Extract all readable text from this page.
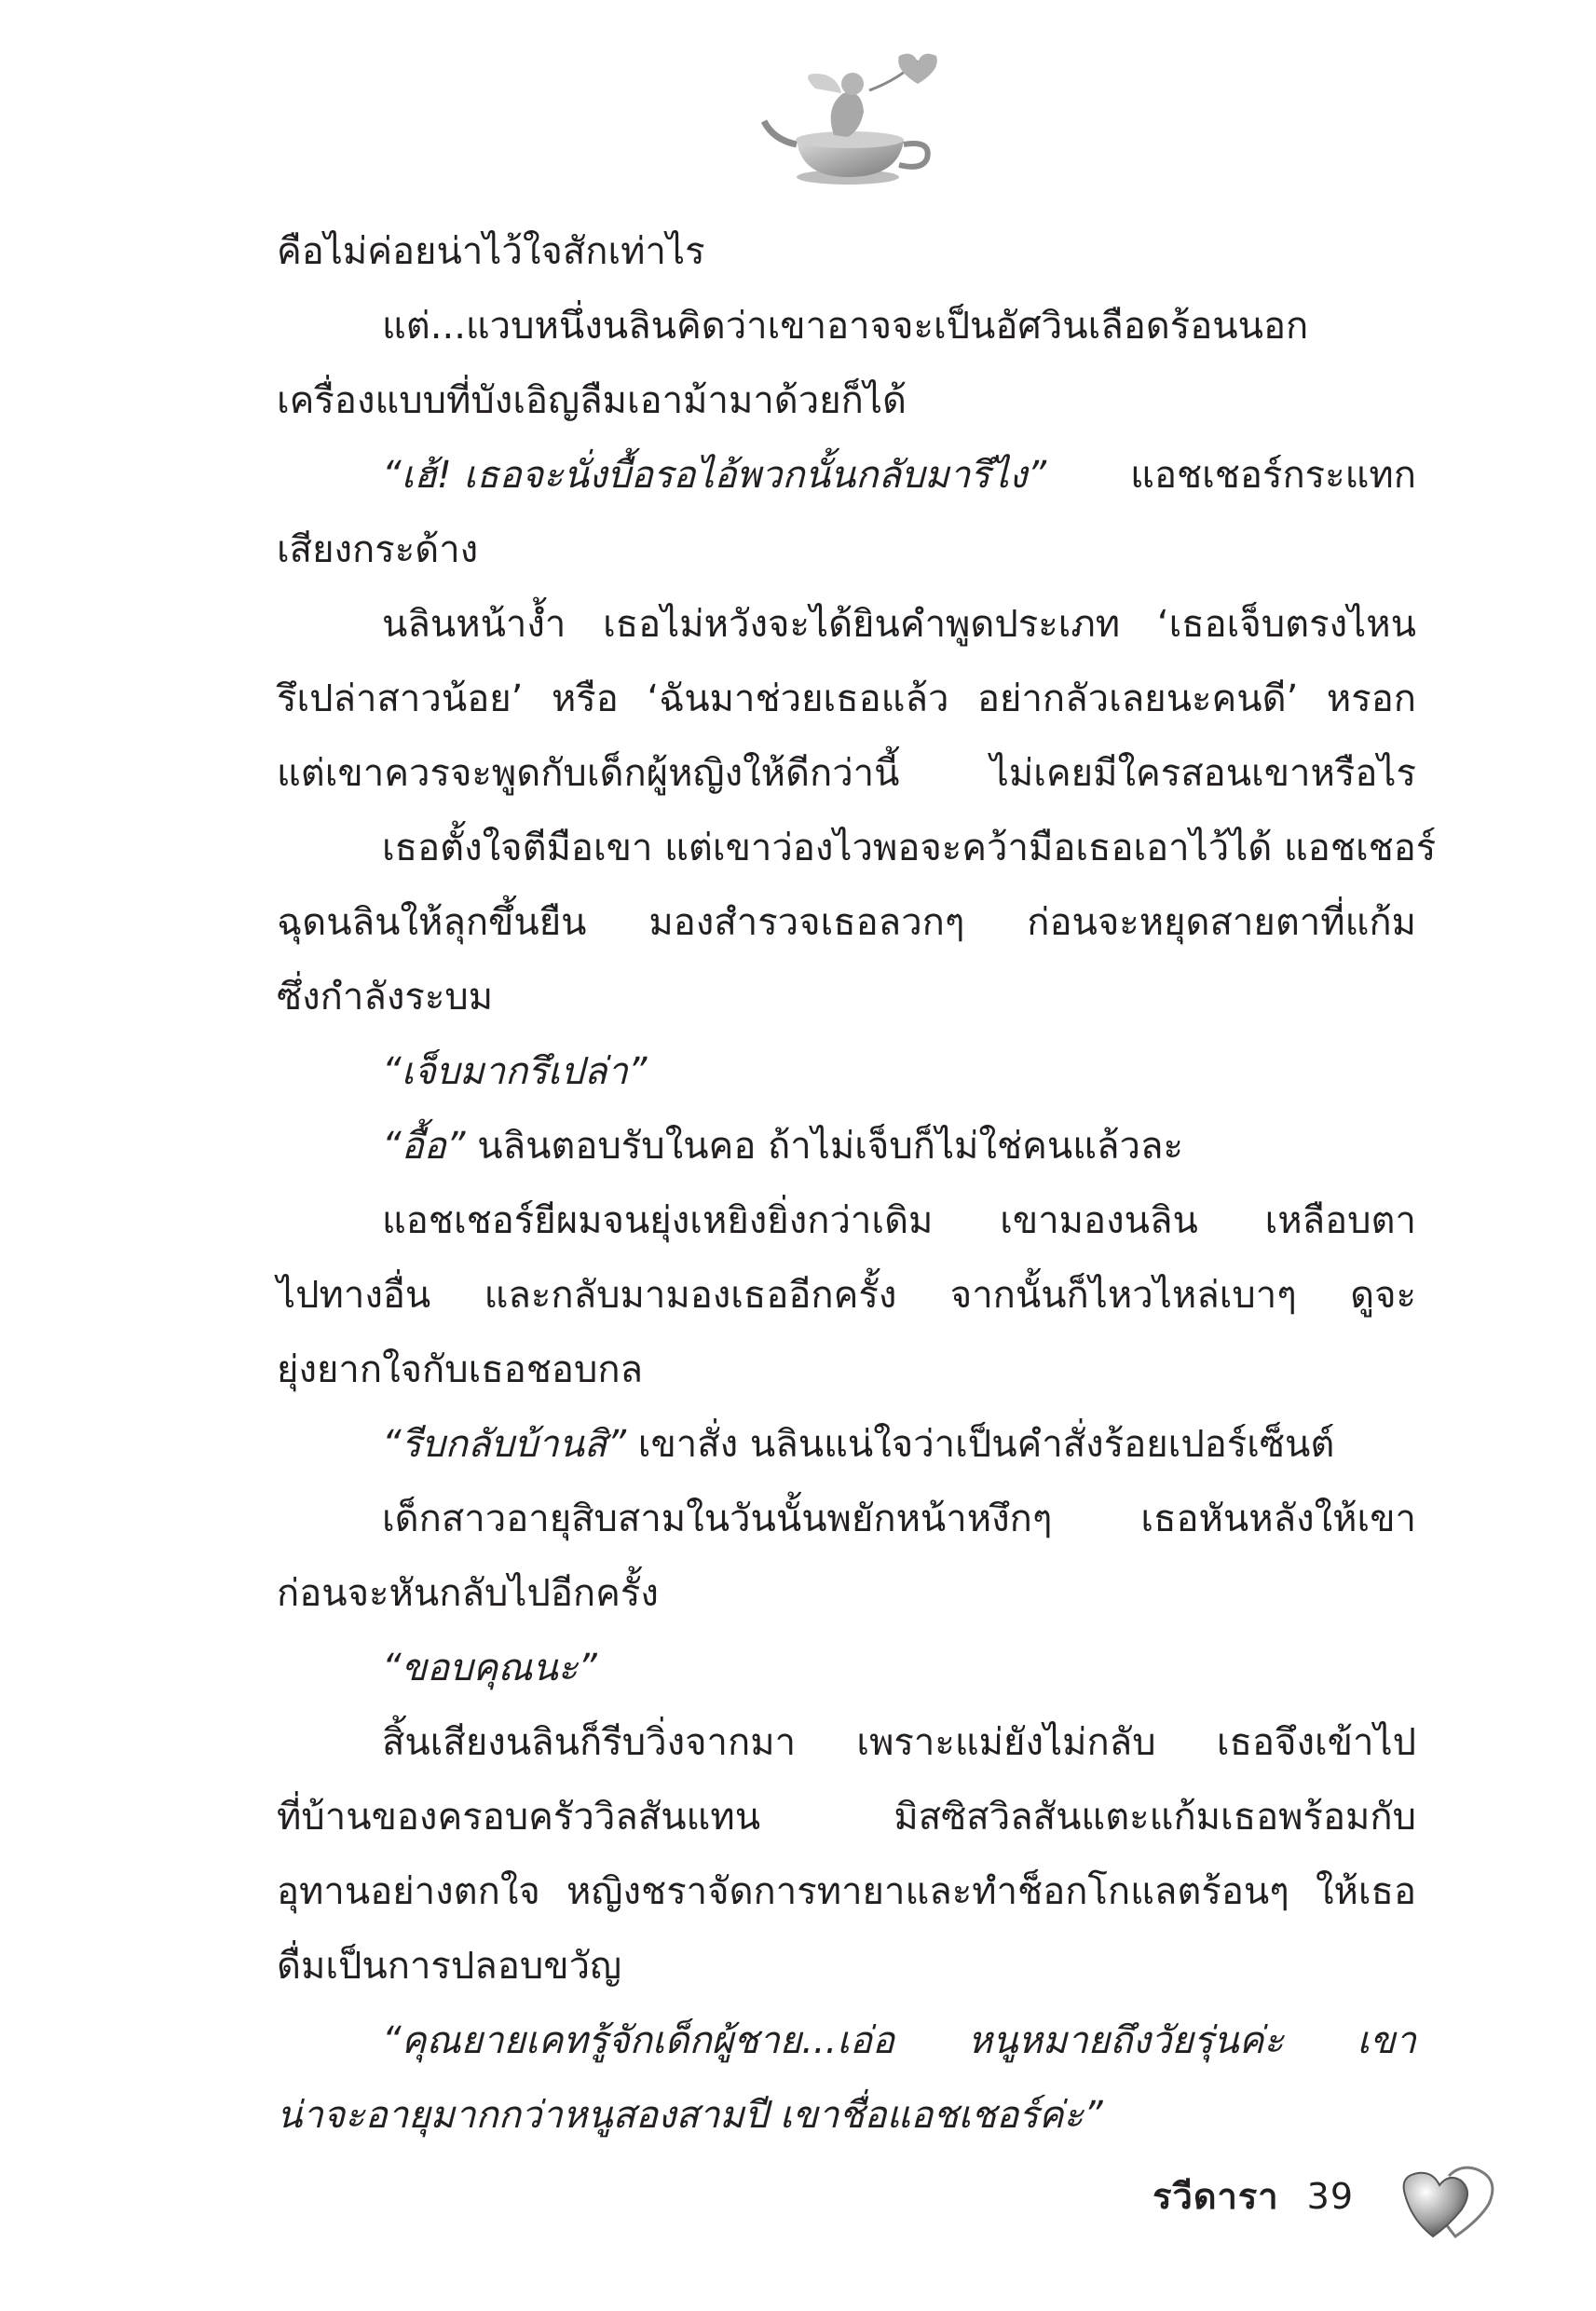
คือไม่ค่อยน่าไว้ใจสักเท่าไร
แต่...แวบหนึ่งนลินคิดว่าเขาอาจจะเป็นอัศวินเลือดร้อนนอก
เครื่องแบบที่บังเอิญลืมเอาม้ามาด้วยก็ได้
“เฮ้! เธอจะนั่งบื้อรอไอ้พวกนั้นกลับมารึไง” แอชเชอร์กระแทก
เสียงกระด้าง
นลินหน้างํ้า เธอไม่หวังจะได้ยินคำพูดประเภท ‘เธอเจ็บตรงไหน
รึเปล่าสาวน้อย’ หรือ ‘ฉันมาช่วยเธอแล้ว อย่ากลัวเลยนะคนดี’ หรอก
แต่เขาควรจะพูดกับเด็กผู้หญิงให้ดีกว่านี้ ไม่เคยมีใครสอนเขาหรือไร
เธอตั้งใจตีมือเขา แต่เขาว่องไวพอจะคว้ามือเธอเอาไว้ได้ แอชเชอร์
ฉุดนลินให้ลุกขึ้นยืน มองสำรวจเธอลวกๆ ก่อนจะหยุดสายตาที่แก้ม
ซึ่งกำลังระบม
“เจ็บมากรึเปล่า”
“อื้อ” นลินตอบรับในคอ ถ้าไม่เจ็บก็ไม่ใช่คนแล้วละ
แอชเชอร์ยีผมจนยุ่งเหยิงยิ่งกว่าเดิม เขามองนลิน เหลือบตา
ไปทางอื่น และกลับมามองเธออีกครั้ง จากนั้นก็ไหวไหล่เบาๆ ดูจะ
ยุ่งยากใจกับเธอชอบกล
“รีบกลับบ้านสิ” เขาสั่ง นลินแน่ใจว่าเป็นคำสั่งร้อยเปอร์เซ็นต์
เด็กสาวอายุสิบสามในวันนั้นพยักหน้าหงึกๆ เธอหันหลังให้เขา
ก่อนจะหันกลับไปอีกครั้ง
“ขอบคุณนะ”
สิ้นเสียงนลินก็รีบวิ่งจากมา เพราะแม่ยังไม่กลับ เธอจึงเข้าไป
ที่บ้านของครอบครัววิลสันแทน มิสซิสวิลสันแตะแก้มเธอพร้อมกับ
อุทานอย่างตกใจ หญิงชราจัดการทายาและทำช็อกโกแลตร้อนๆ ให้เธอ
ดื่มเป็นการปลอบขวัญ
“คุณยายเคทรู้จักเด็กผู้ชาย...เอ่อ หนูหมายถึงวัยรุ่นค่ะ เขา
น่าจะอายุมากกว่าหนูสองสามปี เขาชื่อแอชเชอร์ค่ะ”
รวีดารา 39
